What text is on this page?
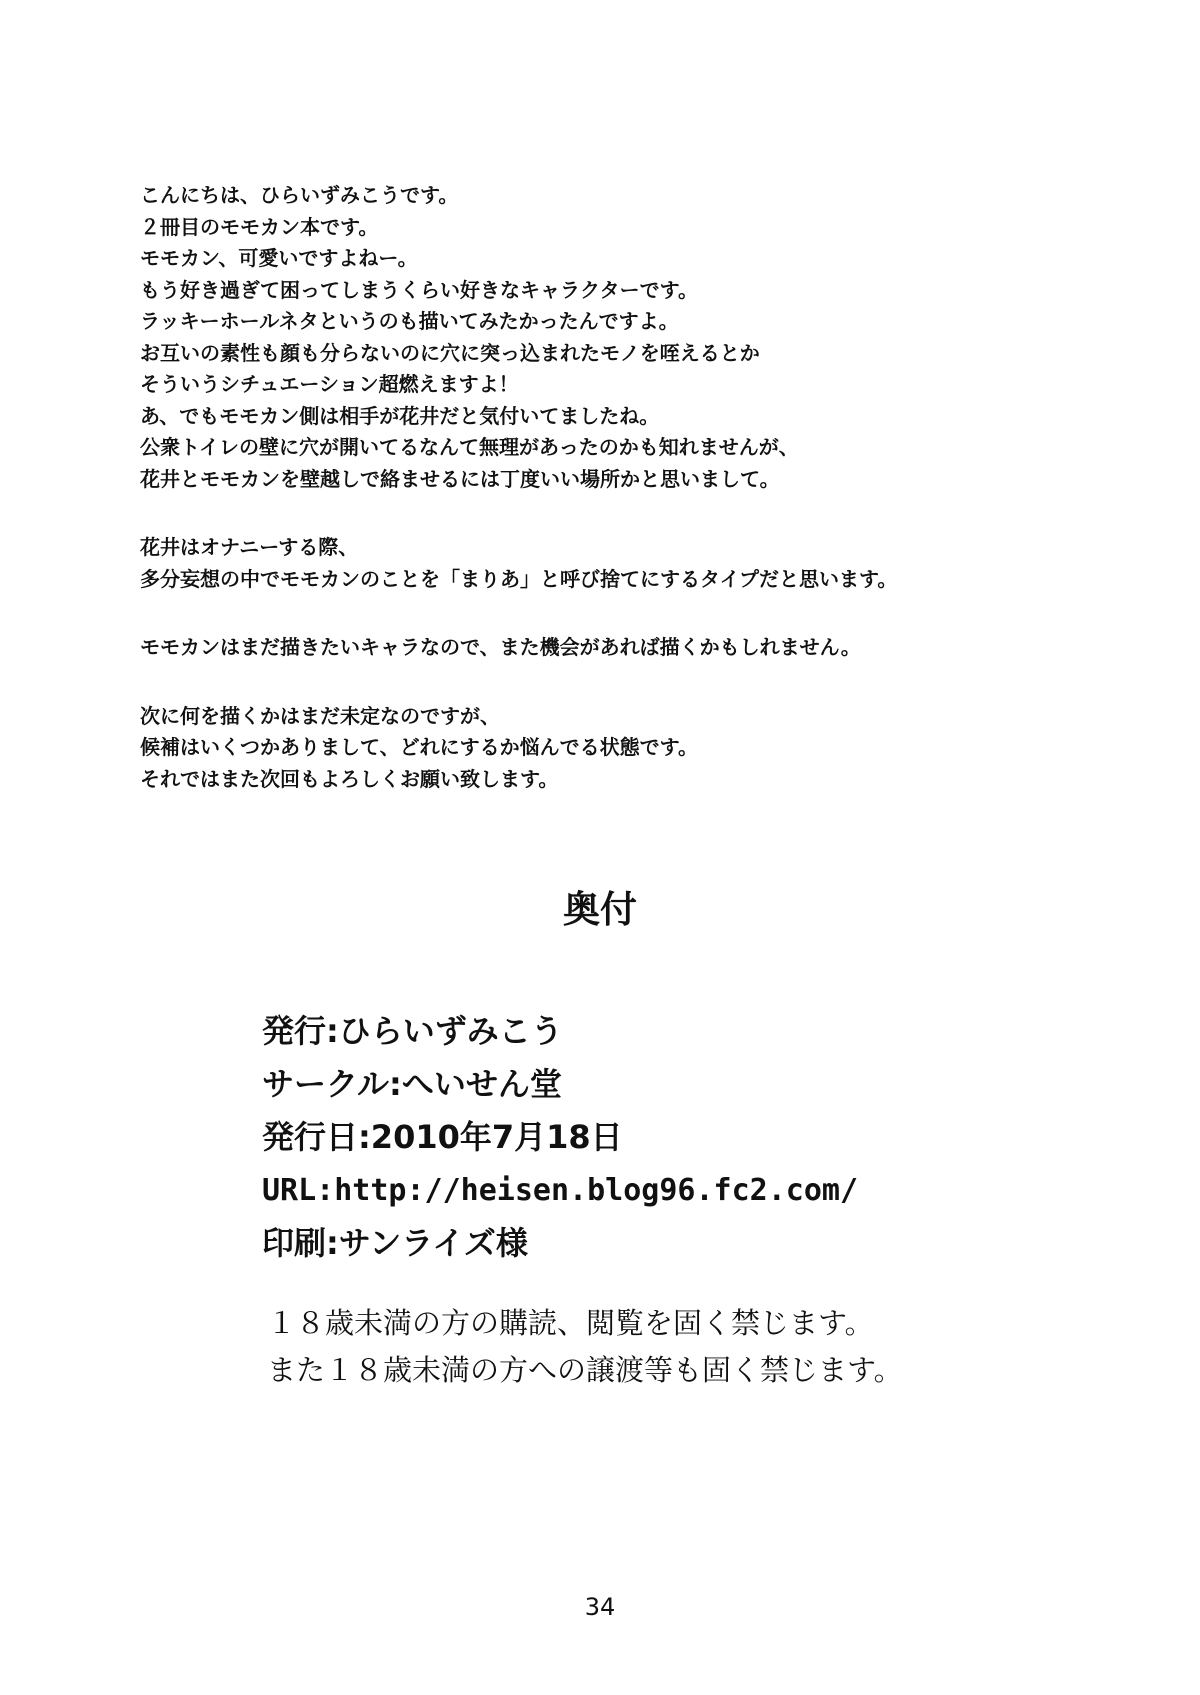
こんにちは、ひらいずみこうです。
２冊目のモモカン本です。
モモカン、可愛いですよねー。
もう好き過ぎて困ってしまうくらい好きなキャラクターです。
ラッキーホールネタというのも描いてみたかったんですよ。
お互いの素性も顔も分らないのに穴に突っ込まれたモノを咥えるとか
そういうシチュエーション超燃えますよ！
あ、でもモモカン側は相手が花井だと気付いてましたね。
公衆トイレの壁に穴が開いてるなんて無理があったのかも知れませんが、
花井とモモカンを壁越しで絡ませるには丁度いい場所かと思いまして。
花井はオナニーする際、
多分妄想の中でモモカンのことを「まりあ」と呼び捨てにするタイプだと思います。
モモカンはまだ描きたいキャラなので、また機会があれば描くかもしれません。
次に何を描くかはまだ未定なのですが、
候補はいくつかありまして、どれにするか悩んでる状態です。
それではまた次回もよろしくお願い致します。
奥付
発行:ひらいずみこう
サークル:へいせん堂
発行日:2010年7月18日
URL:http://heisen.blog96.fc2.com/
印刷:サンライズ様
１８歳未満の方の購読、閲覧を固く禁じます。
また１８歳未満の方への譲渡等も固く禁じます。
34
